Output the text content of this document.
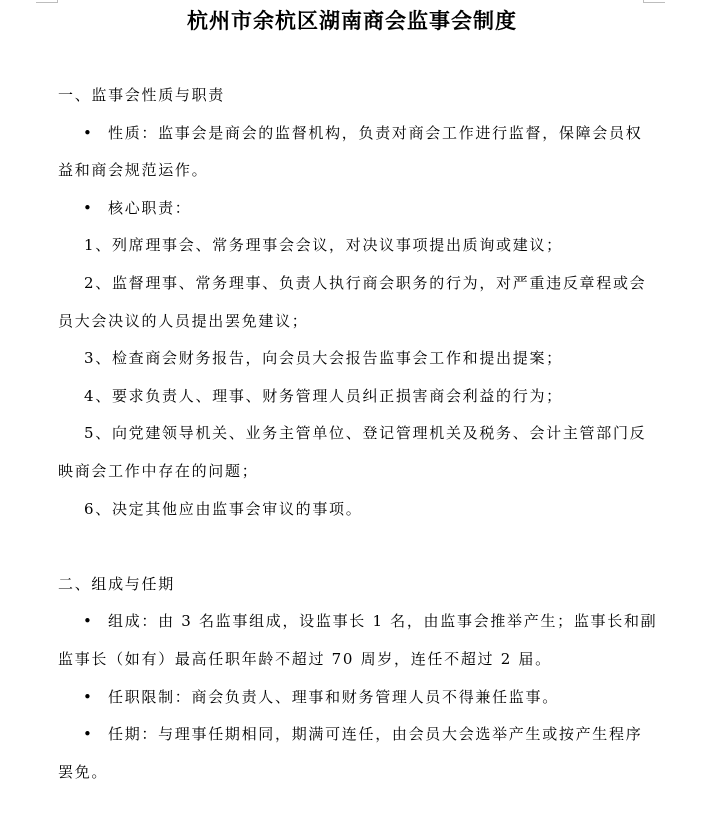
杭州市余杭区湖南商会监事会制度
一、监事会性质与职责
• 性质：监事会是商会的监督机构，负责对商会工作进行监督，保障会员权
益和商会规范运作。
• 核心职责：
1、列席理事会、常务理事会会议，对决议事项提出质询或建议；
2、监督理事、常务理事、负责人执行商会职务的行为，对严重违反章程或会
员大会决议的人员提出罢免建议；
3、检查商会财务报告，向会员大会报告监事会工作和提出提案；
4、要求负责人、理事、财务管理人员纠正损害商会利益的行为；
5、向党建领导机关、业务主管单位、登记管理机关及税务、会计主管部门反
映商会工作中存在的问题；
6、决定其他应由监事会审议的事项。
二、组成与任期
• 组成：由 3 名监事组成，设监事长 1 名，由监事会推举产生；监事长和副
监事长（如有）最高任职年龄不超过 70 周岁，连任不超过 2 届。
• 任职限制：商会负责人、理事和财务管理人员不得兼任监事。
• 任期：与理事任期相同，期满可连任，由会员大会选举产生或按产生程序
罢免。
